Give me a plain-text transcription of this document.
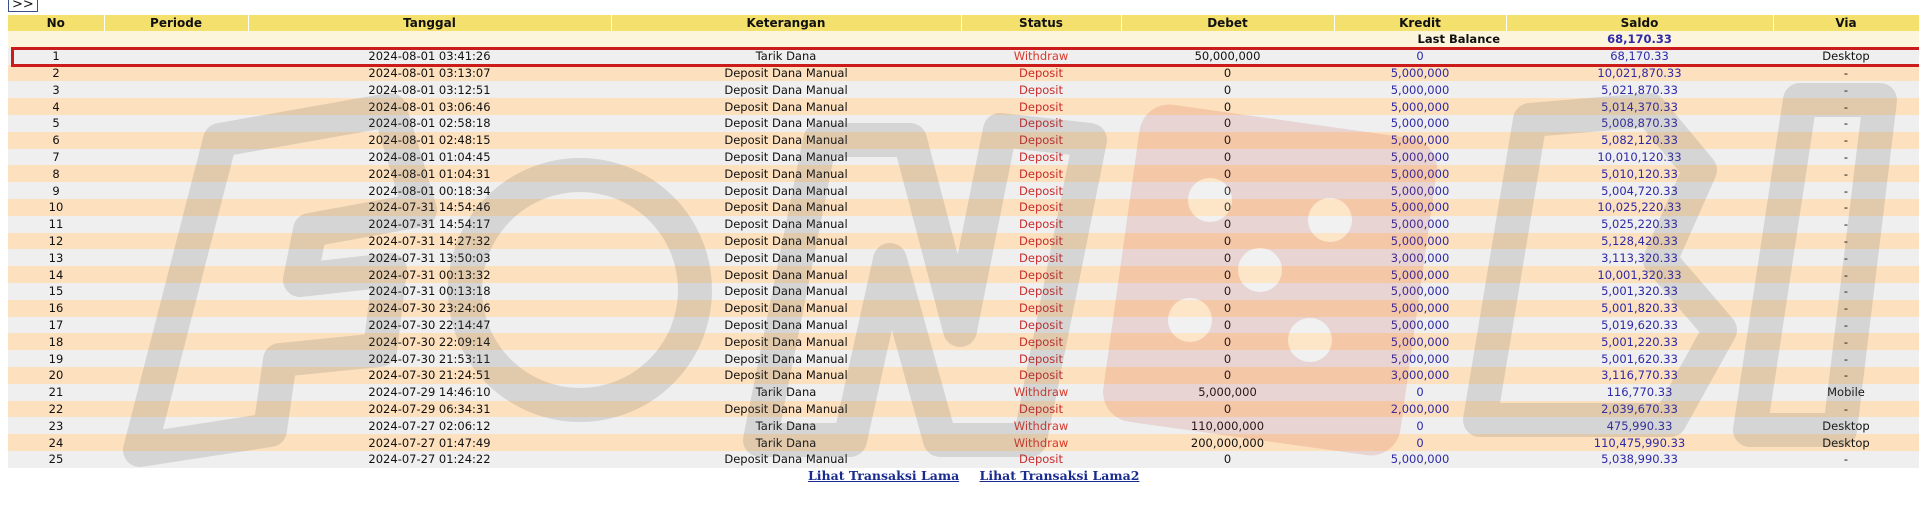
>>
No	Periode	Tanggal	Keterangan	Status	Debet	Kredit	Saldo	Via
						Last Balance	68,170.33	
1		2024-08-01 03:41:26	Tarik Dana	Withdraw	50,000,000	0	68,170.33	Desktop
2		2024-08-01 03:13:07	Deposit Dana Manual	Deposit	0	5,000,000	10,021,870.33	-
3		2024-08-01 03:12:51	Deposit Dana Manual	Deposit	0	5,000,000	5,021,870.33	-
4		2024-08-01 03:06:46	Deposit Dana Manual	Deposit	0	5,000,000	5,014,370.33	-
5		2024-08-01 02:58:18	Deposit Dana Manual	Deposit	0	5,000,000	5,008,870.33	-
6		2024-08-01 02:48:15	Deposit Dana Manual	Deposit	0	5,000,000	5,082,120.33	-
7		2024-08-01 01:04:45	Deposit Dana Manual	Deposit	0	5,000,000	10,010,120.33	-
8		2024-08-01 01:04:31	Deposit Dana Manual	Deposit	0	5,000,000	5,010,120.33	-
9		2024-08-01 00:18:34	Deposit Dana Manual	Deposit	0	5,000,000	5,004,720.33	-
10		2024-07-31 14:54:46	Deposit Dana Manual	Deposit	0	5,000,000	10,025,220.33	-
11		2024-07-31 14:54:17	Deposit Dana Manual	Deposit	0	5,000,000	5,025,220.33	-
12		2024-07-31 14:27:32	Deposit Dana Manual	Deposit	0	5,000,000	5,128,420.33	-
13		2024-07-31 13:50:03	Deposit Dana Manual	Deposit	0	3,000,000	3,113,320.33	-
14		2024-07-31 00:13:32	Deposit Dana Manual	Deposit	0	5,000,000	10,001,320.33	-
15		2024-07-31 00:13:18	Deposit Dana Manual	Deposit	0	5,000,000	5,001,320.33	-
16		2024-07-30 23:24:06	Deposit Dana Manual	Deposit	0	5,000,000	5,001,820.33	-
17		2024-07-30 22:14:47	Deposit Dana Manual	Deposit	0	5,000,000	5,019,620.33	-
18		2024-07-30 22:09:14	Deposit Dana Manual	Deposit	0	5,000,000	5,001,220.33	-
19		2024-07-30 21:53:11	Deposit Dana Manual	Deposit	0	5,000,000	5,001,620.33	-
20		2024-07-30 21:24:51	Deposit Dana Manual	Deposit	0	3,000,000	3,116,770.33	-
21		2024-07-29 14:46:10	Tarik Dana	Withdraw	5,000,000	0	116,770.33	Mobile
22		2024-07-29 06:34:31	Deposit Dana Manual	Deposit	0	2,000,000	2,039,670.33	-
23		2024-07-27 02:06:12	Tarik Dana	Withdraw	110,000,000	0	475,990.33	Desktop
24		2024-07-27 01:47:49	Tarik Dana	Withdraw	200,000,000	0	110,475,990.33	Desktop
25		2024-07-27 01:24:22	Deposit Dana Manual	Deposit	0	5,000,000	5,038,990.33	-
Lihat Transaksi Lama Lihat Transaksi Lama2
